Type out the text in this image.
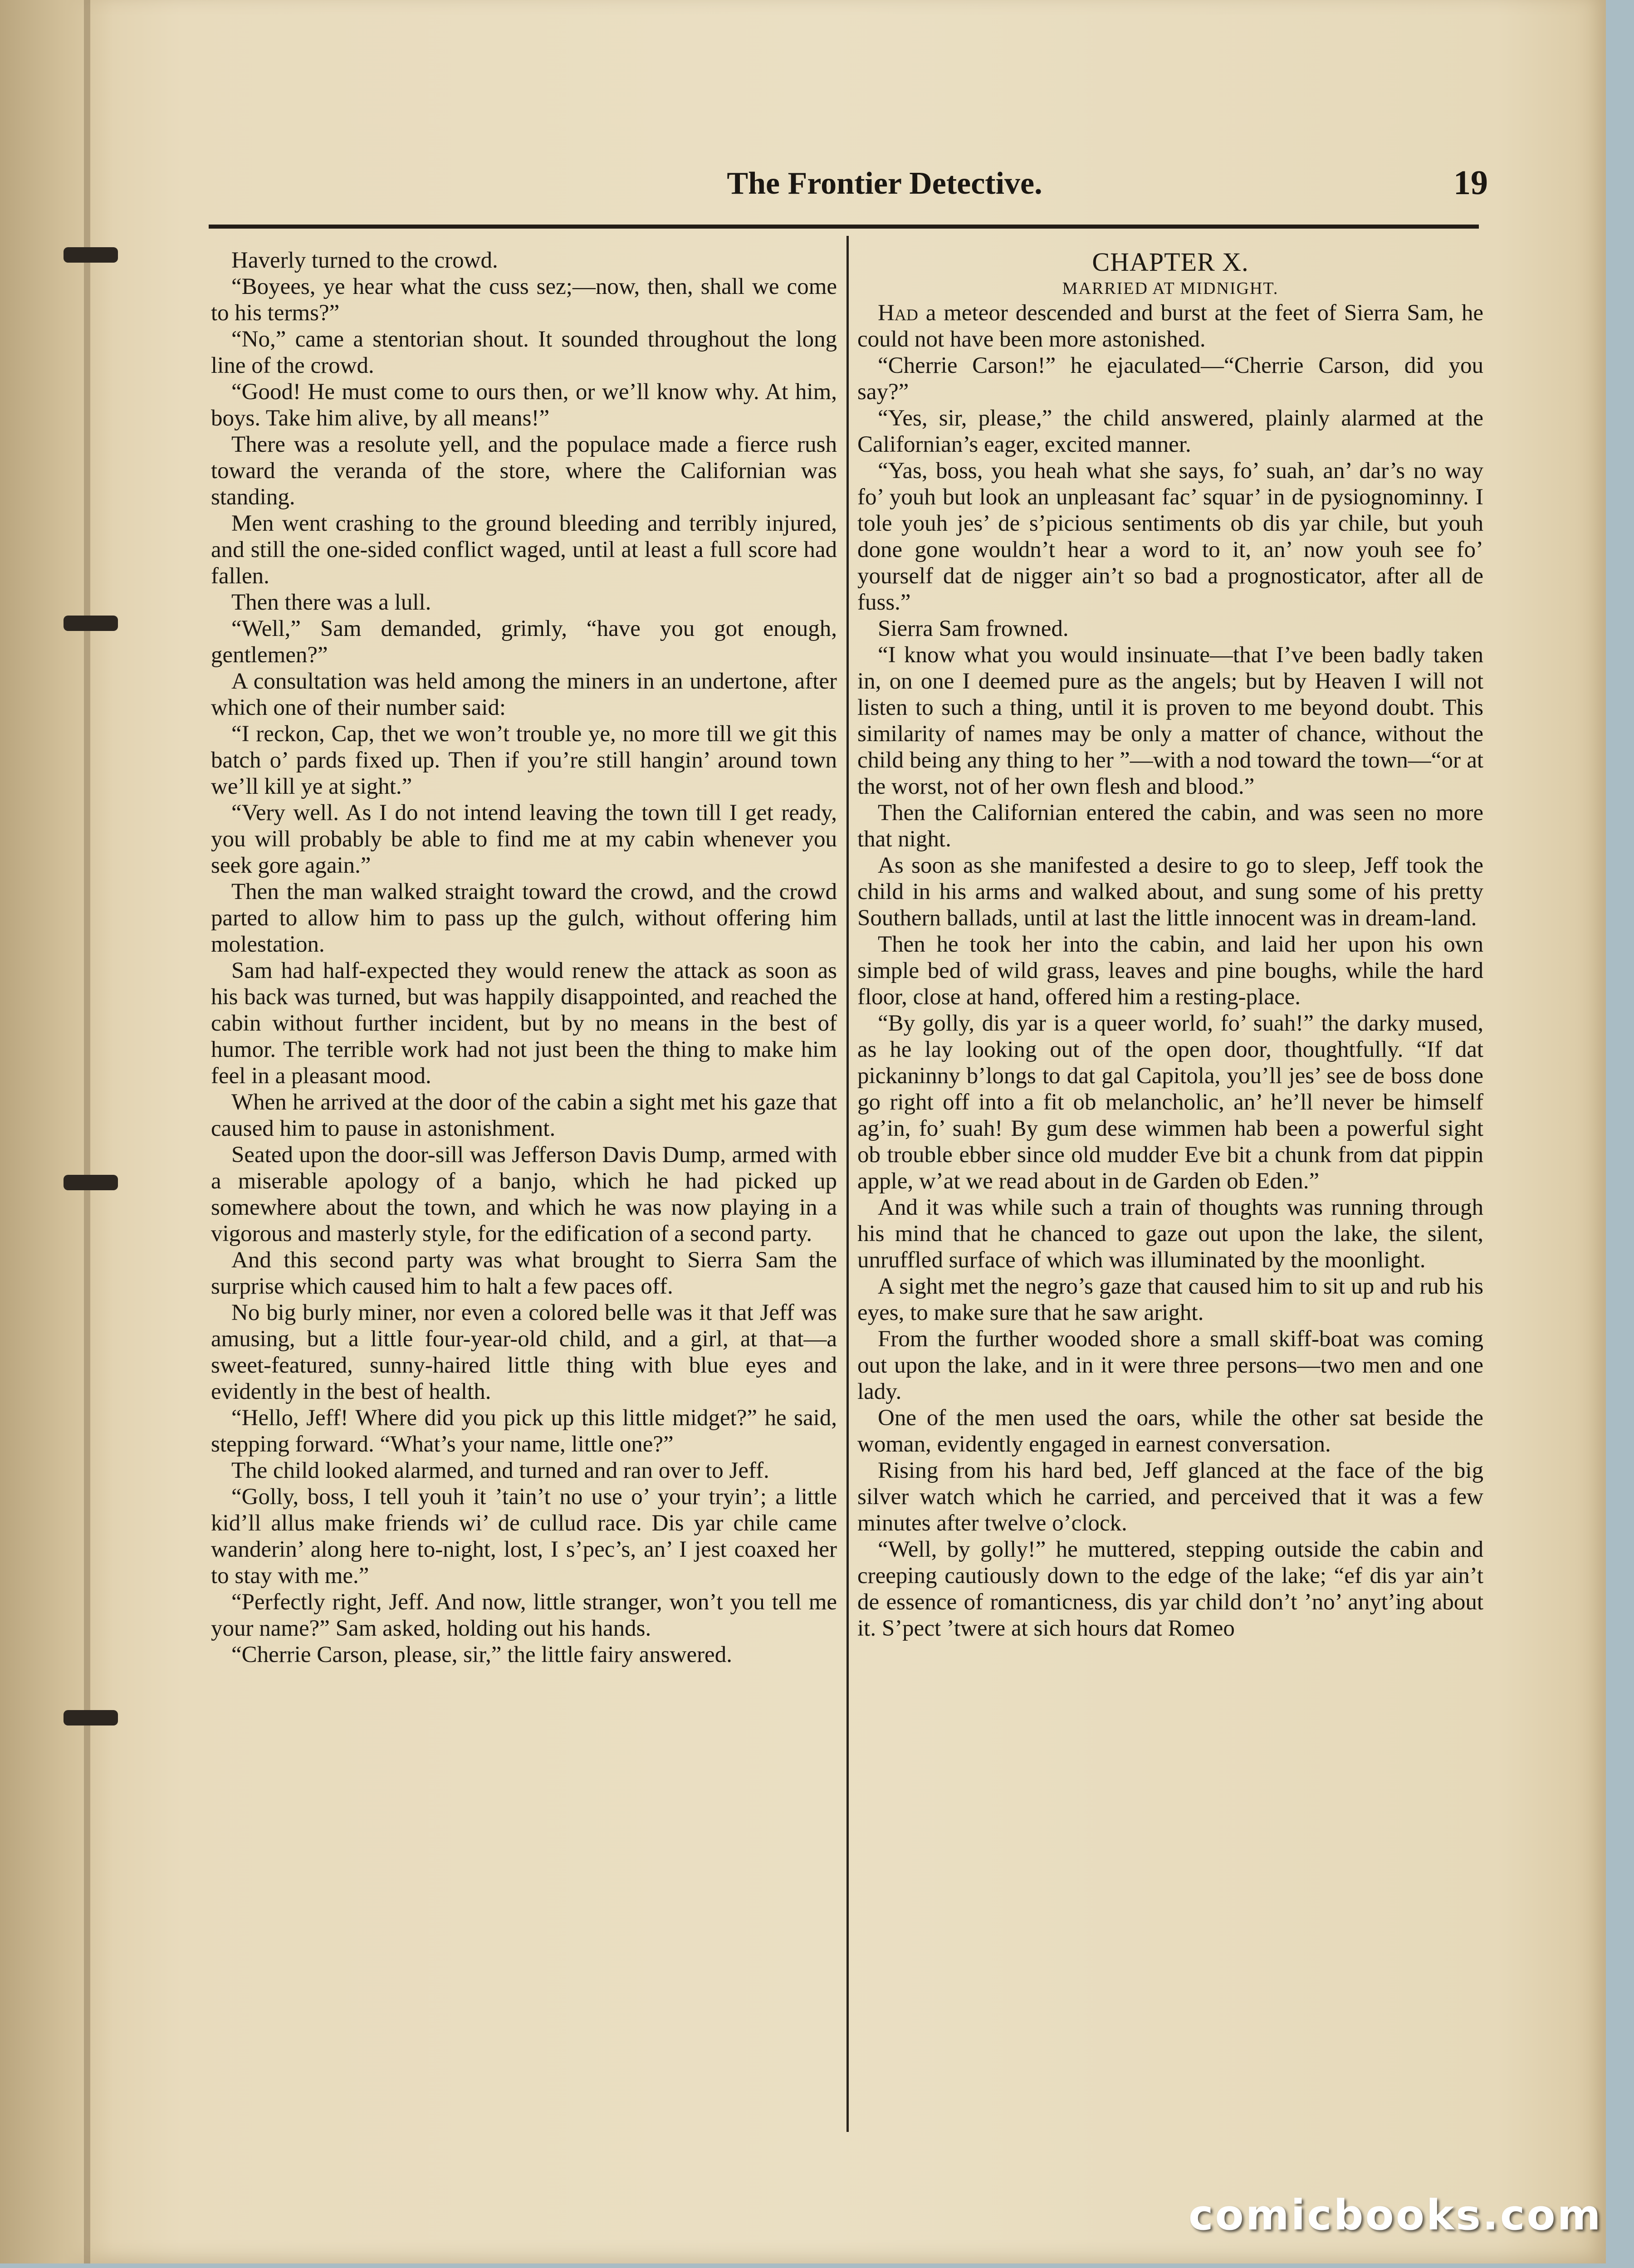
The Frontier Detective.	19

Haverly turned to the crowd.

“Boyees, ye hear what the cuss sez;—now, then, shall we come to his terms?”

“No,” came a stentorian shout. It sounded throughout the long line of the crowd.

“Good! He must come to ours then, or we’ll know why. At him, boys. Take him alive, by all means!”

There was a resolute yell, and the populace made a fierce rush toward the veranda of the store, where the Californian was standing.

Men went crashing to the ground bleeding and terribly injured, and still the one-sided conflict waged, until at least a full score had fallen.

Then there was a lull.

“Well,” Sam demanded, grimly, “have you got enough, gentlemen?”

A consultation was held among the miners in an undertone, after which one of their number said:

“I reckon, Cap, thet we won’t trouble ye, no more till we git this batch o’ pards fixed up. Then if you’re still hangin’ around town we’ll kill ye at sight.”

“Very well. As I do not intend leaving the town till I get ready, you will probably be able to find me at my cabin whenever you seek gore again.”

Then the man walked straight toward the crowd, and the crowd parted to allow him to pass up the gulch, without offering him molestation.

Sam had half-expected they would renew the attack as soon as his back was turned, but was happily disappointed, and reached the cabin without further incident, but by no means in the best of humor. The terrible work had not just been the thing to make him feel in a pleasant mood.

When he arrived at the door of the cabin a sight met his gaze that caused him to pause in astonishment.

Seated upon the door-sill was Jefferson Davis Dump, armed with a miserable apology of a banjo, which he had picked up somewhere about the town, and which he was now playing in a vigorous and masterly style, for the edification of a second party.

And this second party was what brought to Sierra Sam the surprise which caused him to halt a few paces off.

No big burly miner, nor even a colored belle was it that Jeff was amusing, but a little four-year-old child, and a girl, at that—a sweet-featured, sunny-haired little thing with blue eyes and evidently in the best of health.

“Hello, Jeff! Where did you pick up this little midget?” he said, stepping forward. “What’s your name, little one?”

The child looked alarmed, and turned and ran over to Jeff.

“Golly, boss, I tell youh it ’tain’t no use o’ your tryin’; a little kid’ll allus make friends wi’ de cullud race. Dis yar chile came wanderin’ along here to-night, lost, I s’pec’s, an’ I jest coaxed her to stay with me.”

“Perfectly right, Jeff. And now, little stranger, won’t you tell me your name?” Sam asked, holding out his hands.

“Cherrie Carson, please, sir,” the little fairy answered.

CHAPTER X.
MARRIED AT MIDNIGHT.

Had a meteor descended and burst at the feet of Sierra Sam, he could not have been more astonished.

“Cherrie Carson!” he ejaculated—“Cherrie Carson, did you say?”

“Yes, sir, please,” the child answered, plainly alarmed at the Californian’s eager, excited manner.

“Yas, boss, you heah what she says, fo’ suah, an’ dar’s no way fo’ youh but look an unpleasant fac’ squar’ in de pysiognominny. I tole youh jes’ de s’picious sentiments ob dis yar chile, but youh done gone wouldn’t hear a word to it, an’ now youh see fo’ yourself dat de nigger ain’t so bad a prognosticator, after all de fuss.”

Sierra Sam frowned.

“I know what you would insinuate—that I’ve been badly taken in, on one I deemed pure as the angels; but by Heaven I will not listen to such a thing, until it is proven to me beyond doubt. This similarity of names may be only a matter of chance, without the child being any thing to her ”—with a nod toward the town—“or at the worst, not of her own flesh and blood.”

Then the Californian entered the cabin, and was seen no more that night.

As soon as she manifested a desire to go to sleep, Jeff took the child in his arms and walked about, and sung some of his pretty Southern ballads, until at last the little innocent was in dream-land.

Then he took her into the cabin, and laid her upon his own simple bed of wild grass, leaves and pine boughs, while the hard floor, close at hand, offered him a resting-place.

“By golly, dis yar is a queer world, fo’ suah!” the darky mused, as he lay looking out of the open door, thoughtfully. “If dat pickaninny b’longs to dat gal Capitola, you’ll jes’ see de boss done go right off into a fit ob melancholic, an’ he’ll never be himself ag’in, fo’ suah! By gum dese wimmen hab been a powerful sight ob trouble ebber since old mudder Eve bit a chunk from dat pippin apple, w’at we read about in de Garden ob Eden.”

And it was while such a train of thoughts was running through his mind that he chanced to gaze out upon the lake, the silent, unruffled surface of which was illuminated by the moonlight.

A sight met the negro’s gaze that caused him to sit up and rub his eyes, to make sure that he saw aright.

From the further wooded shore a small skiff-boat was coming out upon the lake, and in it were three persons—two men and one lady.

One of the men used the oars, while the other sat beside the woman, evidently engaged in earnest conversation.

Rising from his hard bed, Jeff glanced at the face of the big silver watch which he carried, and perceived that it was a few minutes after twelve o’clock.

“Well, by golly!” he muttered, stepping outside the cabin and creeping cautiously down to the edge of the lake; “ef dis yar ain’t de essence of romanticness, dis yar child don’t ’no’ anyt’ing about it. S’pect ’twere at sich hours dat Romeo

comicbooks.com
